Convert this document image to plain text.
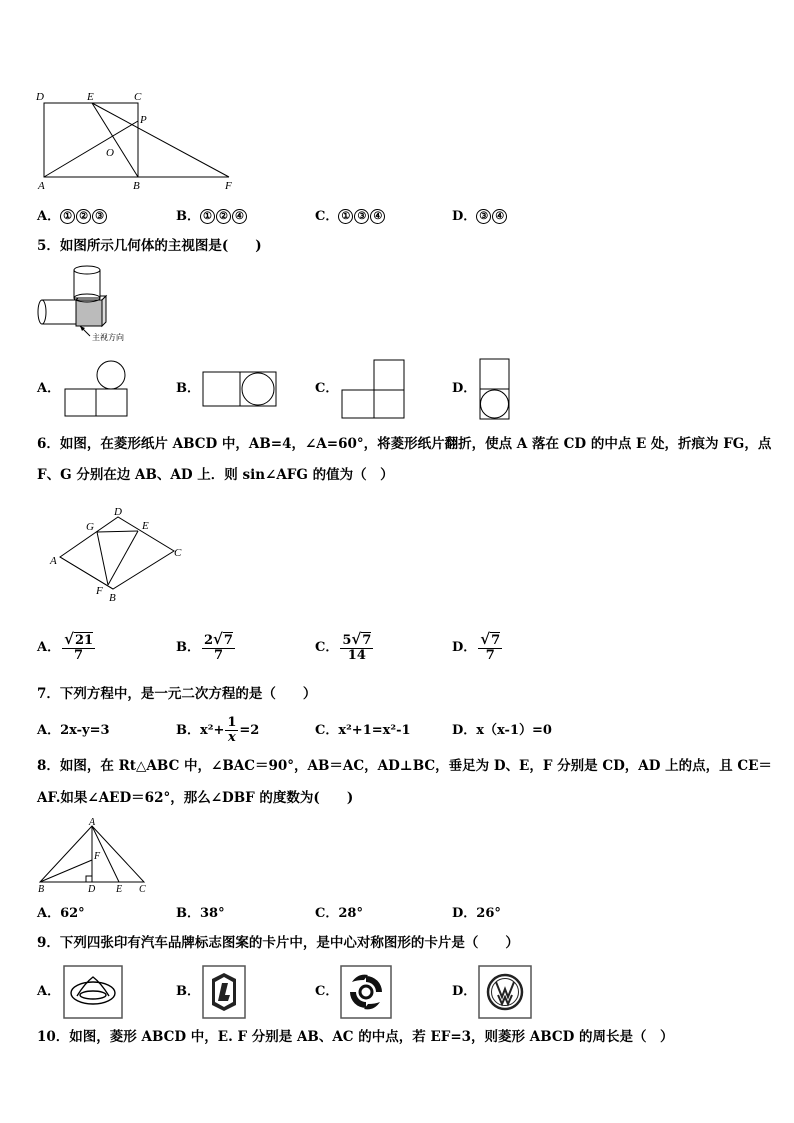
D	E	C
P
O
A	B	F
A． ① ② ③	B． ① ② ④	C． ① ③ ④	D． ③ ④
5．如图所示几何体的主视图是(　　)
主视方向
A．	B．	C．	D．
6．如图，在菱形纸片 ABCD 中，AB=4，∠A=60°，将菱形纸片翻折，使点 A 落在 CD 的中点 E 处，折痕为 FG，点
F、G 分别在边 AB、AD 上．则 sin∠AFG 的值为（　）
G
D
E
A
C
F
B
A． $\frac{√21}{7}$	B． $\frac{2√7}{7}$	C． $\frac{5√7}{14}$	D． $\frac{√7}{7}$
7．下列方程中，是一元二次方程的是（　　）
A．2x-y=3	B． $x^2+ \frac{1}{x} =2$	C．x²+1=x²-1	D．x（x-1）=0
8．如图，在 Rt△ABC 中，∠BAC＝90°，AB＝AC，AD⊥BC，垂足为 D、E，F 分别是 CD，AD 上的点，且 CE＝
AF.如果∠AED＝62°，那么∠DBF 的度数为(　　)
A
F
B	D E C
A．62°	B．38°	C．28°	D．26°
9．下列四张印有汽车品牌标志图案的卡片中，是中心对称图形的卡片是（　　）
A．	B．	C．	D．
10．如图，菱形 ABCD 中，E. F 分别是 AB、AC 的中点，若 EF=3，则菱形 ABCD 的周长是（　）
